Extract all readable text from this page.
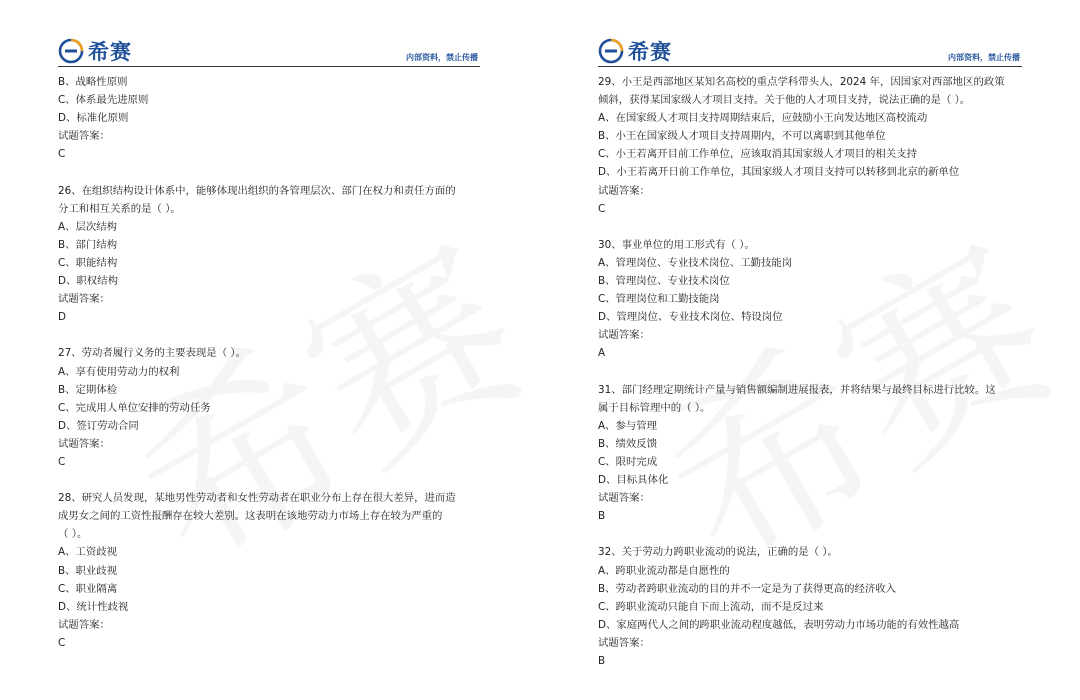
希赛	内部资料，禁止传播
B、战略性原则
C、体系最先进原则
D、标准化原则
试题答案：
C
26、在组织结构设计体系中，能够体现出组织的各管理层次、部门在权力和责任方面的
分工和相互关系的是（ ）。
A、层次结构
B、部门结构
C、职能结构
D、职权结构
试题答案：
D
27、劳动者履行义务的主要表现是（ ）。
A、享有使用劳动力的权利
B、定期体检
C、完成用人单位安排的劳动任务
D、签订劳动合同
试题答案：
C
28、研究人员发现，某地男性劳动者和女性劳动者在职业分布上存在很大差异，进而造
成男女之间的工资性报酬存在较大差别。这表明在该地劳动力市场上存在较为严重的
（ ）。
A、工资歧视
B、职业歧视
C、职业隔离
D、统计性歧视
试题答案：
C
希赛	内部资料，禁止传播
29、小王是西部地区某知名高校的重点学科带头人，2024 年，因国家对西部地区的政策
倾斜，获得某国家级人才项目支持。关于他的人才项目支持，说法正确的是（ ）。
A、在国家级人才项目支持周期结束后，应鼓励小王向发达地区高校流动
B、小王在国家级人才项目支持周期内，不可以离职到其他单位
C、小王若离开目前工作单位，应该取消其国家级人才项目的相关支持
D、小王若离开日前工作单位，其国家级人才项目支持可以转移到北京的新单位
试题答案：
C
30、事业单位的用工形式有（ ）。
A、管理岗位、专业技术岗位、工勤技能岗
B、管理岗位、专业技术岗位
C、管理岗位和工勤技能岗
D、管理岗位、专业技术岗位、特设岗位
试题答案：
A
31、部门经理定期统计产量与销售额编制进展报表，并将结果与最终目标进行比较。这
属于目标管理中的（ ）。
A、参与管理
B、绩效反馈
C、限时完成
D、目标具体化
试题答案：
B
32、关于劳动力跨职业流动的说法，正确的是（ ）。
A、跨职业流动都是自愿性的
B、劳动者跨职业流动的目的并不一定是为了获得更高的经济收入
C、跨职业流动只能自下而上流动，而不是反过来
D、家庭两代人之间的跨职业流动程度越低，表明劳动力市场功能的有效性越高
试题答案：
B
